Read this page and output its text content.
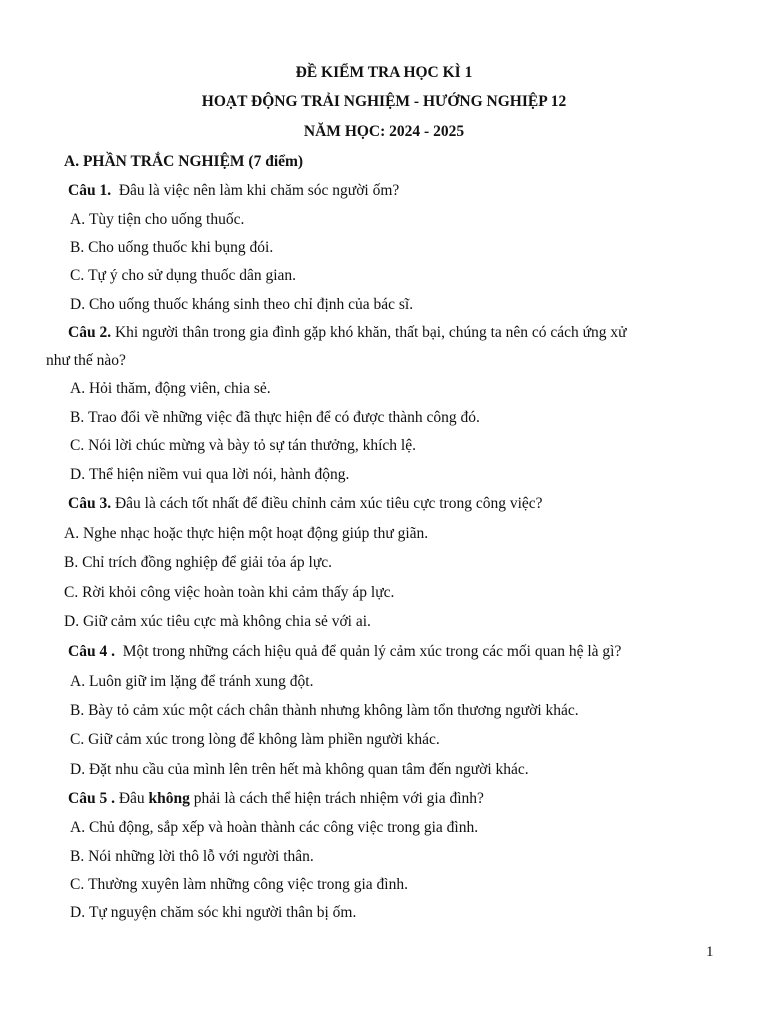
ĐỀ KIỂM TRA HỌC KÌ 1
HOẠT ĐỘNG TRẢI NGHIỆM - HƯỚNG NGHIỆP 12
NĂM HỌC: 2024 - 2025
A. PHẦN TRẮC NGHIỆM (7 điểm)
Câu 1. Đâu là việc nên làm khi chăm sóc người ốm?
A. Tùy tiện cho uống thuốc.
B. Cho uống thuốc khi bụng đói.
C. Tự ý cho sử dụng thuốc dân gian.
D. Cho uống thuốc kháng sinh theo chỉ định của bác sĩ.
Câu 2. Khi người thân trong gia đình gặp khó khăn, thất bại, chúng ta nên có cách ứng xử
như thế nào?
A. Hỏi thăm, động viên, chia sẻ.
B. Trao đổi về những việc đã thực hiện để có được thành công đó.
C. Nói lời chúc mừng và bày tỏ sự tán thưởng, khích lệ.
D. Thể hiện niềm vui qua lời nói, hành động.
Câu 3. Đâu là cách tốt nhất để điều chỉnh cảm xúc tiêu cực trong công việc?
A. Nghe nhạc hoặc thực hiện một hoạt động giúp thư giãn.
B. Chỉ trích đồng nghiệp để giải tỏa áp lực.
C. Rời khỏi công việc hoàn toàn khi cảm thấy áp lực.
D. Giữ cảm xúc tiêu cực mà không chia sẻ với ai.
Câu 4 . Một trong những cách hiệu quả để quản lý cảm xúc trong các mối quan hệ là gì?
A. Luôn giữ im lặng để tránh xung đột.
B. Bày tỏ cảm xúc một cách chân thành nhưng không làm tổn thương người khác.
C. Giữ cảm xúc trong lòng để không làm phiền người khác.
D. Đặt nhu cầu của mình lên trên hết mà không quan tâm đến người khác.
Câu 5 . Đâu không phải là cách thể hiện trách nhiệm với gia đình?
A. Chủ động, sắp xếp và hoàn thành các công việc trong gia đình.
B. Nói những lời thô lỗ với người thân.
C. Thường xuyên làm những công việc trong gia đình.
D. Tự nguyện chăm sóc khi người thân bị ốm.
1
